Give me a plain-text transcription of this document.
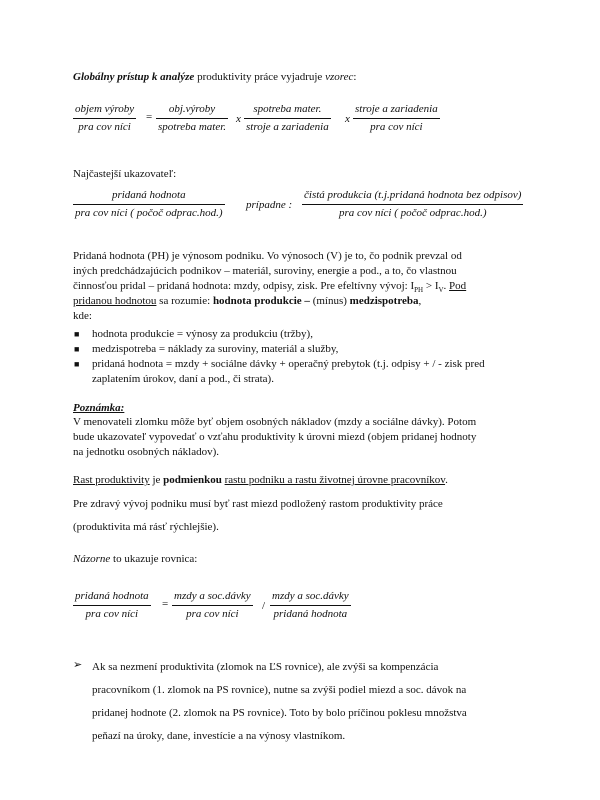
Globálny prístup k analýze produktivity práce vyjadruje vzorec:
objem výroby
pra cov níci
=
obj.výroby
spotreba mater.
x
spotreba mater.
stroje a zariadenia
x
stroje a zariadenia
pra cov níci
Najčastejší ukazovateľ:
pridaná hodnota
pra cov níci ( počoč odprac.hod.)
prípadne :
čistá produkcia (t.j.pridaná hodnota bez odpisov)
pra cov níci ( počoč odprac.hod.)
Pridaná hodnota (PH) je výnosom podniku. Vo výnosoch (V) je to, čo podnik prevzal od
iných predchádzajúcich podnikov – materiál, suroviny, energie a pod., a to, čo vlastnou
činnosťou pridal – pridaná hodnota: mzdy, odpisy, zisk. Pre efeltívny vývoj: $I_{PH} > I_V$. Pod
pridanou hodnotou sa rozumie: hodnota produkcie – (mínus) medzispotreba,
kde:
■ hodnota produkcie = výnosy za produkciu (tržby),
■ medzispotreba = náklady za suroviny, materiál a služby,
■ pridaná hodnota = mzdy + sociálne dávky + operačný prebytok (t.j. odpisy + / - zisk pred
zaplatením úrokov, daní a pod., či strata).
Poznámka:
V menovateli zlomku môže byť objem osobných nákladov (mzdy a sociálne dávky). Potom
bude ukazovateľ vypovedať o vzťahu produktivity k úrovni miezd (objem pridanej hodnoty
na jednotku osobných nákladov).
Rast produktivity je podmienkou rastu podniku a rastu životnej úrovne pracovníkov.
Pre zdravý vývoj podniku musí byť rast miezd podložený rastom produktivity práce
(produktivita má rásť rýchlejšie).
Názorne to ukazuje rovnica:
pridaná hodnota
pra cov níci
=
mzdy a soc.dávky
pra cov níci
/
mzdy a soc.dávky
pridaná hodnota
➢ Ak sa nezmení produktivita (zlomok na ĽS rovnice), ale zvýši sa kompenzácia
pracovníkom (1. zlomok na PS rovnice), nutne sa zvýši podiel miezd a soc. dávok na
pridanej hodnote (2. zlomok na PS rovnice). Toto by bolo príčinou poklesu množstva
peňazí na úroky, dane, investície a na výnosy vlastníkom.
